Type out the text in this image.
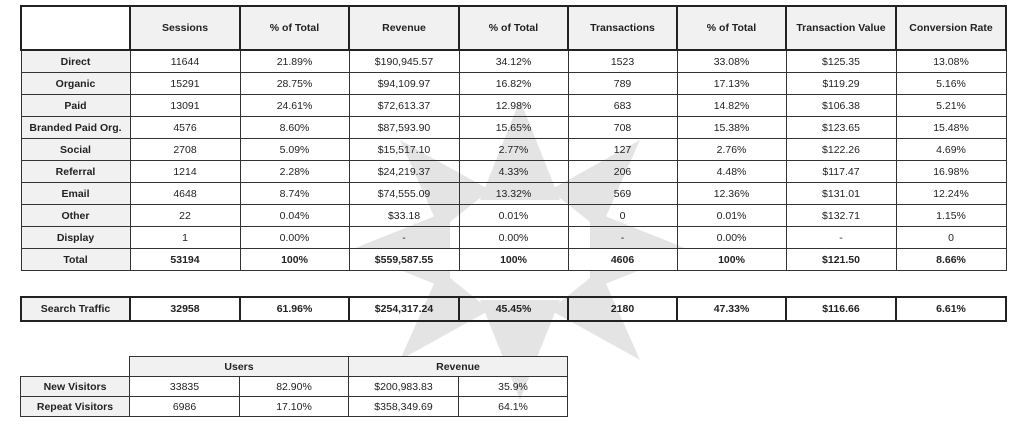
	Sessions	% of Total	Revenue	% of Total	Transactions	% of Total	Transaction Value	Conversion Rate
Direct	11644	21.89%	$190,945.57	34.12%	1523	33.08%	$125.35	13.08%
Organic	15291	28.75%	$94,109.97	16.82%	789	17.13%	$119.29	5.16%
Paid	13091	24.61%	$72,613.37	12.98%	683	14.82%	$106.38	5.21%
Branded Paid Org.	4576	8.60%	$87,593.90	15.65%	708	15.38%	$123.65	15.48%
Social	2708	5.09%	$15,517.10	2.77%	127	2.76%	$122.26	4.69%
Referral	1214	2.28%	$24,219.37	4.33%	206	4.48%	$117.47	16.98%
Email	4648	8.74%	$74,555.09	13.32%	569	12.36%	$131.01	12.24%
Other	22	0.04%	$33.18	0.01%	0	0.01%	$132.71	1.15%
Display	1	0.00%	-	0.00%	-	0.00%	-	0
Total	53194	100%	$559,587.55	100%	4606	100%	$121.50	8.66%
Search Traffic	32958	61.96%	$254,317.24	45.45%	2180	47.33%	$116.66	6.61%
	Users		Revenue	
New Visitors	33835	82.90%	$200,983.83	35.9%
Repeat Visitors	6986	17.10%	$358,349.69	64.1%
